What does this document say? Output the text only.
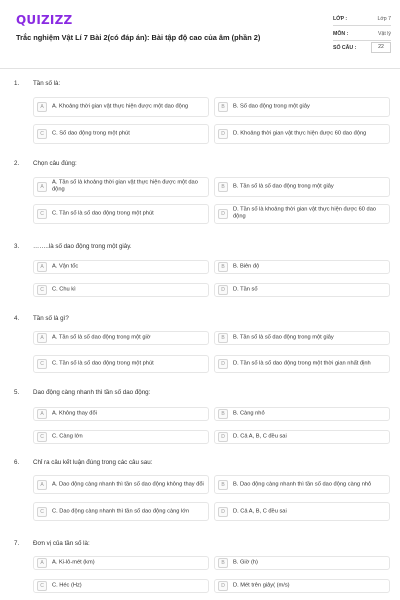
QUIZIZZ
Trắc nghiệm Vật Lí 7 Bài 2(có đáp án): Bài tập độ cao của âm (phần 2)
LỚP :	Lớp 7
MÔN :	Vật lý
SỐ CÂU :	22
1. Tần số là:
A	A. Khoảng thời gian vật thực hiện được một dao động	B	B. Số dao động trong một giây
C	C. Số dao động trong một phút	D	D. Khoảng thời gian vật thực hiện được 60 dao động
2. Chọn câu đúng:
A
A. Tần số là khoảng thời gian vật thực hiện được một dao động	B	B. Tần số là số dao động trong một giây
C	C. Tần số là số dao động trong một phút	D
D. Tần số là khoảng thời gian vật thực hiện được 60 dao động
3. ……..là số dao động trong một giây.
A	A. Vận tốc	B	B. Biên độ
C	C. Chu kì	D	D. Tần số
4. Tần số là gì?
A	A. Tần số là số dao động trong một giờ	B	B. Tần số là số dao động trong một giây
C	C. Tần số là số dao động trong một phút	D	D. Tần số là số dao động trong một thời gian nhất định
5. Dao động càng nhanh thì tần số dao động:
A	A. Không thay đổi	B	B. Càng nhỏ
C	C. Càng lớn	D	D. Cả A, B, C đều sai
6. Chỉ ra câu kết luận đúng trong các câu sau:
A	A. Dao động càng nhanh thì tần số dao động không thay đổi	B	B. Dao động càng nhanh thì tần số dao động càng nhỏ
C	C. Dao động càng nhanh thì tần số dao động càng lớn	D	D. Cả A, B, C đều sai
7. Đơn vị của tần số là:
A	A. Ki-lô-mét (km)	B	B. Giờ (h)
C	C. Héc (Hz)	D	D. Mét trên giây( (m/s)
